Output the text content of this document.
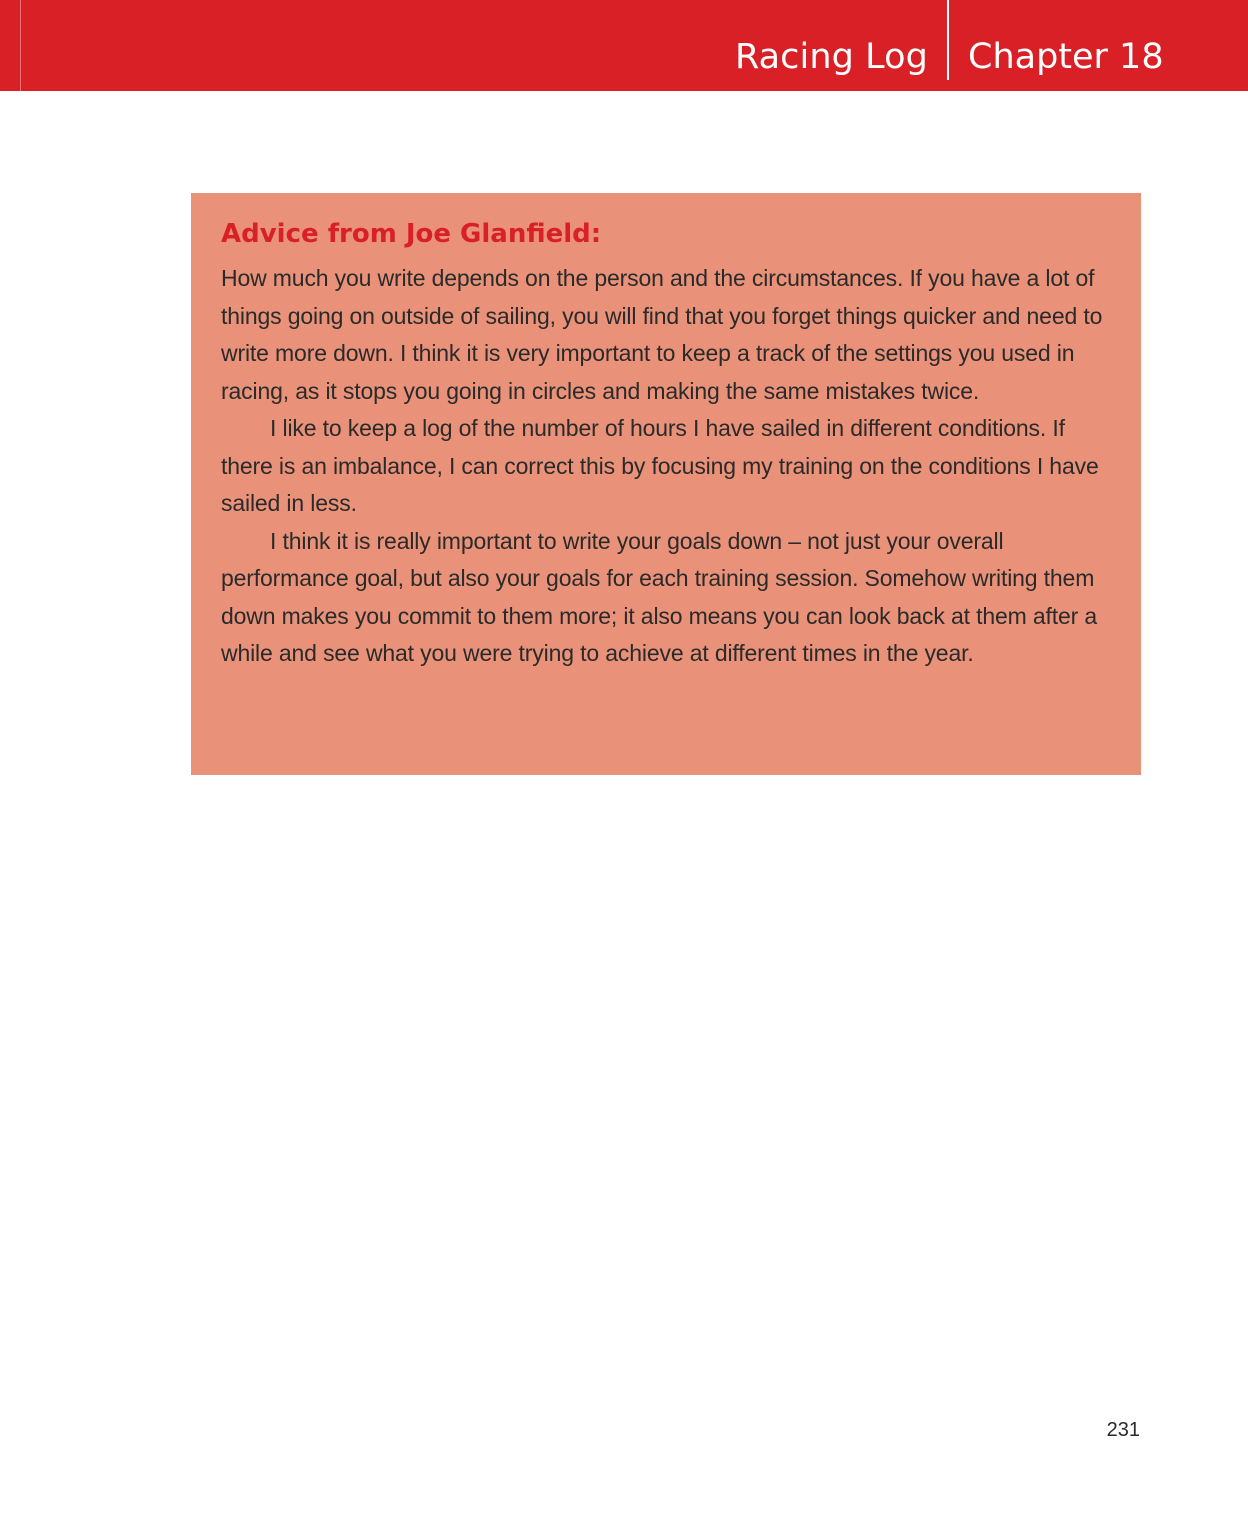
Racing Log Chapter 18
Advice from Joe Glanfield:

How much you write depends on the person and the circumstances. If you have a lot of things going on outside of sailing, you will find that you forget things quicker and need to write more down. I think it is very important to keep a track of the settings you used in racing, as it stops you going in circles and making the same mistakes twice.

I like to keep a log of the number of hours I have sailed in different conditions. If there is an imbalance, I can correct this by focusing my training on the conditions I have sailed in less.

I think it is really important to write your goals down – not just your overall performance goal, but also your goals for each training session. Somehow writing them down makes you commit to them more; it also means you can look back at them after a while and see what you were trying to achieve at different times in the year.

231
